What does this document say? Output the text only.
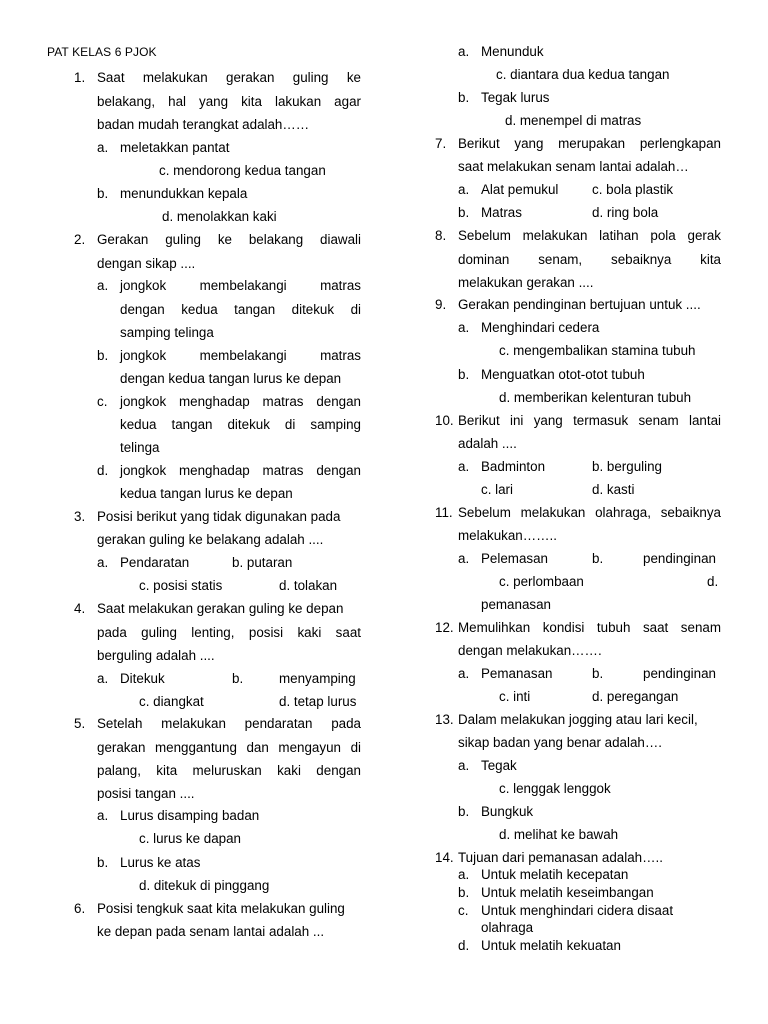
PAT KELAS 6 PJOK
1. Saat melakukan gerakan guling ke
belakang, hal yang kita lakukan agar
badan mudah terangkat adalah……
a. meletakkan pantat
c. mendorong kedua tangan
b. menundukkan kepala
d. menolakkan kaki
2. Gerakan guling ke belakang diawali
dengan sikap ....
a. jongkok membelakangi matras
dengan kedua tangan ditekuk di
samping telinga
b. jongkok membelakangi matras
dengan kedua tangan lurus ke depan
c. jongkok menghadap matras dengan
kedua tangan ditekuk di samping
telinga
d. jongkok menghadap matras dengan
kedua tangan lurus ke depan
3. Posisi berikut yang tidak digunakan pada
gerakan guling ke belakang adalah ....
a. Pendaratan	b. putaran
c. posisi statis	d. tolakan
4. Saat melakukan gerakan guling ke depan
pada guling lenting, posisi kaki saat
berguling adalah ....
a. Ditekuk	b.	menyamping
c. diangkat	d. tetap lurus
5. Setelah melakukan pendaratan pada
gerakan menggantung dan mengayun di
palang, kita meluruskan kaki dengan
posisi tangan ....
a. Lurus disamping badan
c. lurus ke dapan
b. Lurus ke atas
d. ditekuk di pinggang
6. Posisi tengkuk saat kita melakukan guling
ke depan pada senam lantai adalah ...
a. Menunduk
c. diantara dua kedua tangan
b. Tegak lurus
d. menempel di matras
7. Berikut yang merupakan perlengkapan
saat melakukan senam lantai adalah…
a. Alat pemukul	c. bola plastik
b. Matras	d. ring bola
8. Sebelum melakukan latihan pola gerak
dominan senam, sebaiknya kita
melakukan gerakan ....
9. Gerakan pendinginan bertujuan untuk ....
a. Menghindari cedera
c. mengembalikan stamina tubuh
b. Menguatkan otot-otot tubuh
d. memberikan kelenturan tubuh
10. Berikut ini yang termasuk senam lantai
adalah ....
a. Badminton	b. berguling
c. lari	d. kasti
11. Sebelum melakukan olahraga, sebaiknya
melakukan……..
a. Pelemasan	b.	pendinginan
c. perlombaan	d.
pemanasan
12. Memulihkan kondisi tubuh saat senam
dengan melakukan…….
a. Pemanasan	b.	pendinginan
c. inti	d. peregangan
13. Dalam melakukan jogging atau lari kecil,
sikap badan yang benar adalah….
a. Tegak
c. lenggak lenggok
b. Bungkuk
d. melihat ke bawah
14. Tujuan dari pemanasan adalah…..
a. Untuk melatih kecepatan
b. Untuk melatih keseimbangan
c. Untuk menghindari cidera disaat
olahraga
d. Untuk melatih kekuatan
